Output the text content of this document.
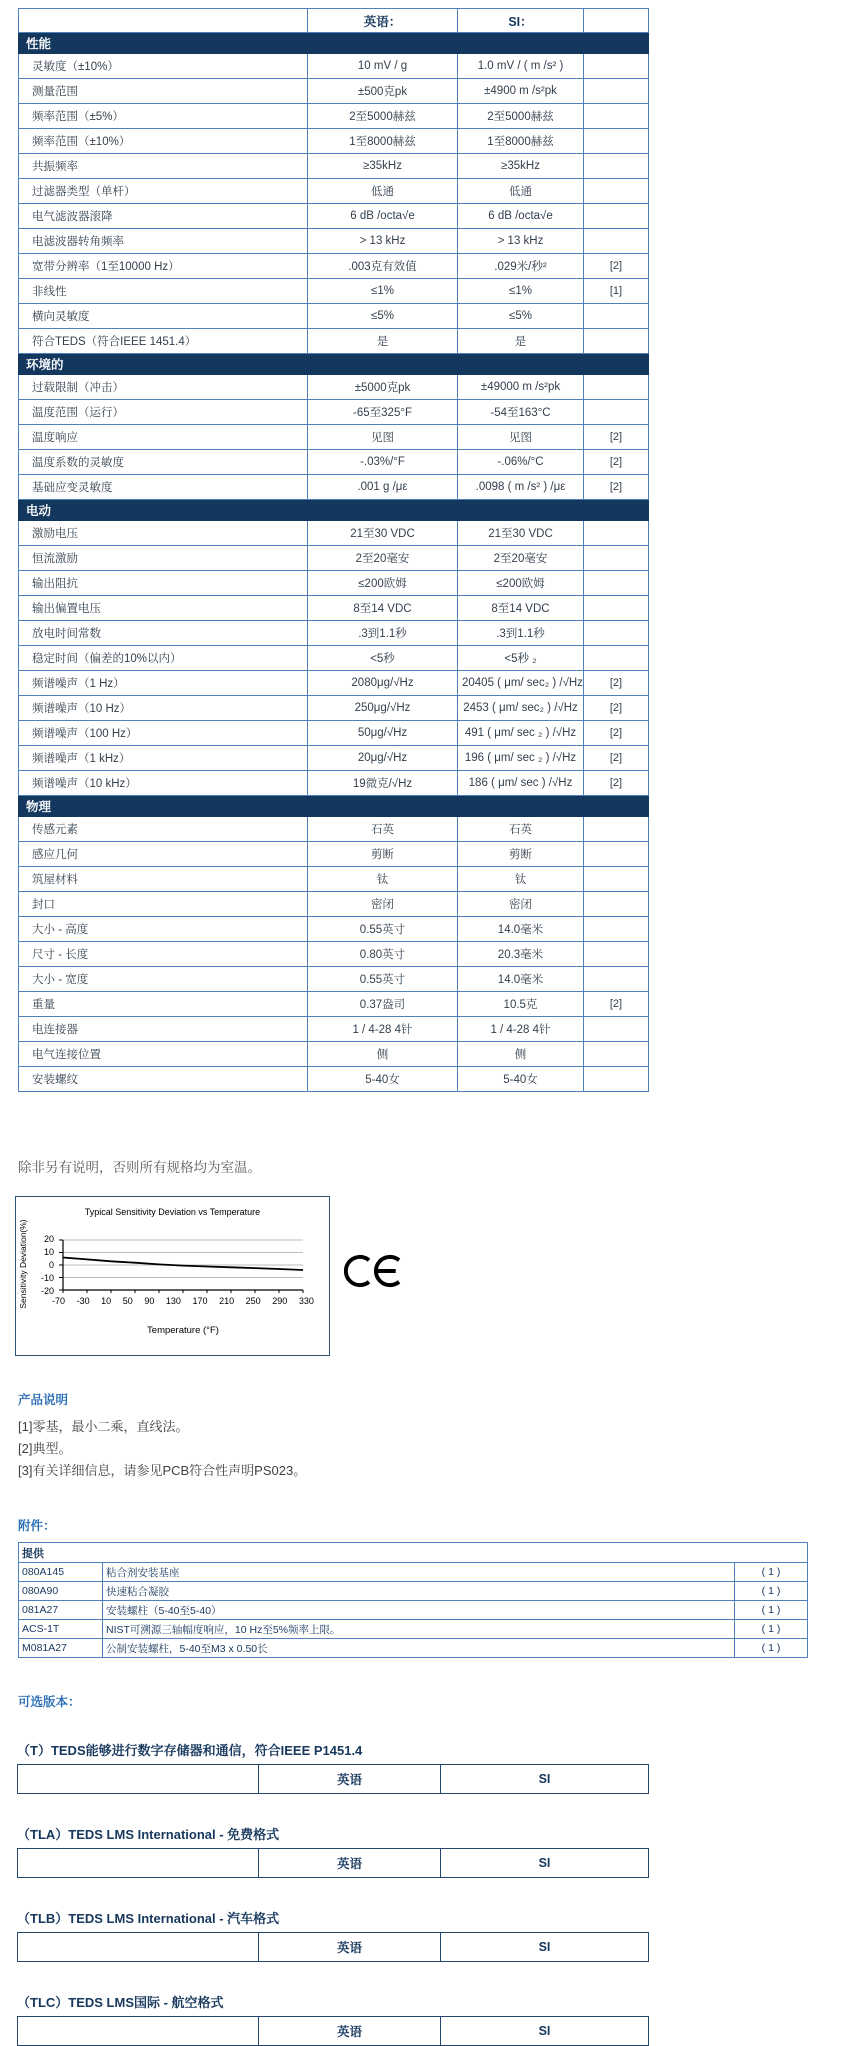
	英语：	SI：	
性能			
灵敏度（±10%）	10 mV / g	1.0 mV / ( m /s² )	
测量范围	±500克pk	±4900 m /s²pk	
频率范围（±5%）	2至5000赫兹	2至5000赫兹	
频率范围（±10%）	1至8000赫兹	1至8000赫兹	
共振频率	≥35kHz	≥35kHz	
过滤器类型（单杆）	低通	低通	
电气滤波器滚降	6 dB /octa√e	6 dB /octa√e	
电滤波器转角频率	> 13 kHz	> 13 kHz	
宽带分辨率（1至10000 Hz）	.003克有效值	.029米/秒²	[2]
非线性	≤1%	≤1%	[1]
横向灵敏度	≤5%	≤5%	
符合TEDS（符合IEEE 1451.4）	是	是	
环境的			
过载限制（冲击）	±5000克pk	±49000 m /s²pk	
温度范围（运行）	-65至325°F	-54至163°C	
温度响应	见图	见图	[2]
温度系数的灵敏度	-.03%/°F	-.06%/°C	[2]
基础应变灵敏度	.001 g /με	.0098 ( m /s² ) /με	[2]
电动			
激励电压	21至30 VDC	21至30 VDC	
恒流激励	2至20毫安	2至20毫安	
输出阻抗	≤200欧姆	≤200欧姆	
输出偏置电压	8至14 VDC	8至14 VDC	
放电时间常数	.3到1.1秒	.3到1.1秒	
稳定时间（偏差的10%以内）	<5秒	<5秒 ₂	
频谱噪声（1 Hz）	2080μg/√Hz	20405 ( μm/ sec₂ ) /√Hz	[2]
频谱噪声（10 Hz）	250μg/√Hz	2453 ( μm/ sec₂ ) /√Hz	[2]
频谱噪声（100 Hz）	50μg/√Hz	491 ( μm/ sec ₂ ) /√Hz	[2]
频谱噪声（1 kHz）	20μg/√Hz	196 ( μm/ sec ₂ ) /√Hz	[2]
频谱噪声（10 kHz）	19微克/√Hz	186 ( μm/ sec ) /√Hz	[2]
物理			
传感元素	石英	石英	
感应几何	剪断	剪断	
筑屋材料	钛	钛	
封口	密闭	密闭	
大小 - 高度	0.55英寸	14.0毫米	
尺寸 - 长度	0.80英寸	20.3毫米	
大小 - 宽度	0.55英寸	14.0毫米	
重量	0.37盎司	10.5克	[2]
电连接器	1 / 4-28 4针	1 / 4-28 4针	
电气连接位置	侧	侧	
安装螺纹	5-40女	5-40女	
除非另有说明，否则所有规格均为室温。
Typical Sensitivity Deviation vs Temperature
Sensitivity Deviation(%) 20
10
0
-10
-20
-70 -30 10 50 90 130 170 210 250 290 330
Temperature (°F)
产品说明
[1]零基，最小二乘，直线法。
[2]典型。
[3]有关详细信息，请参见PCB符合性声明PS023。
附件：
提供		
080A145	粘合剂安装基座	( 1 )
080A90	快速粘合凝胶	( 1 )
081A27	安装螺柱（5-40至5-40）	( 1 )
ACS-1T	NIST可溯源三轴幅度响应，10 Hz至5%频率上限。	( 1 )
M081A27	公制安装螺柱，5-40至M3 x 0.50长	( 1 )
可选版本：
（T）TEDS能够进行数字存储器和通信，符合IEEE P1451.4
	英语	SI
（TLA）TEDS LMS International - 免费格式
	英语	SI
（TLB）TEDS LMS International - 汽车格式
	英语	SI
（TLC）TEDS LMS国际 - 航空格式
	英语	SI
